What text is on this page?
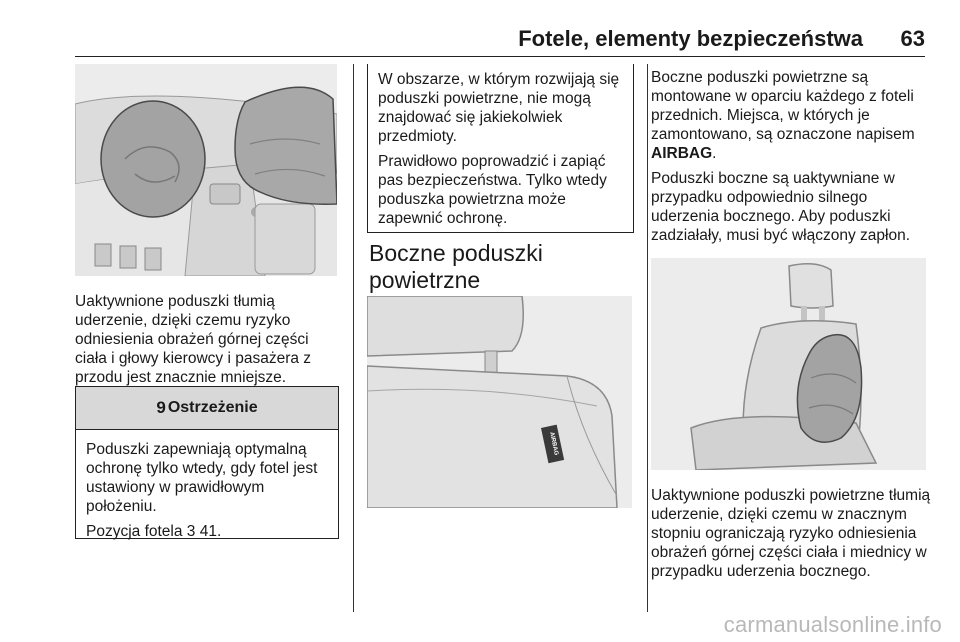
Fotele, elementy bezpieczeństwa 63

Uaktywnione poduszki tłumią uderzenie, dzięki czemu ryzyko odniesienia obrażeń górnej części ciała i głowy kierowcy i pasażera z przodu jest znacznie mniejsze.

9 Ostrzeżenie

Poduszki zapewniają optymalną ochronę tylko wtedy, gdy fotel jest ustawiony w prawidłowym położeniu.

Pozycja fotela 3 41.

W obszarze, w którym rozwijają się poduszki powietrzne, nie mogą znajdować się jakiekolwiek przedmioty.

Prawidłowo poprowadzić i zapiąć pas bezpieczeństwa. Tylko wtedy poduszka powietrzna może zapewnić ochronę.

Boczne poduszki powietrzne
AIRBAG

Boczne poduszki powietrzne są montowane w oparciu każdego z foteli przednich. Miejsca, w których je zamontowano, są oznaczone napisem AIRBAG.

Poduszki boczne są uaktywniane w przypadku odpowiednio silnego uderzenia bocznego. Aby poduszki zadziałały, musi być włączony zapłon.

Uaktywnione poduszki powietrzne tłumią uderzenie, dzięki czemu w znacznym stopniu ograniczają ryzyko odniesienia obrażeń górnej części ciała i miednicy w przypadku uderzenia bocznego.

carmanualsonline.info
